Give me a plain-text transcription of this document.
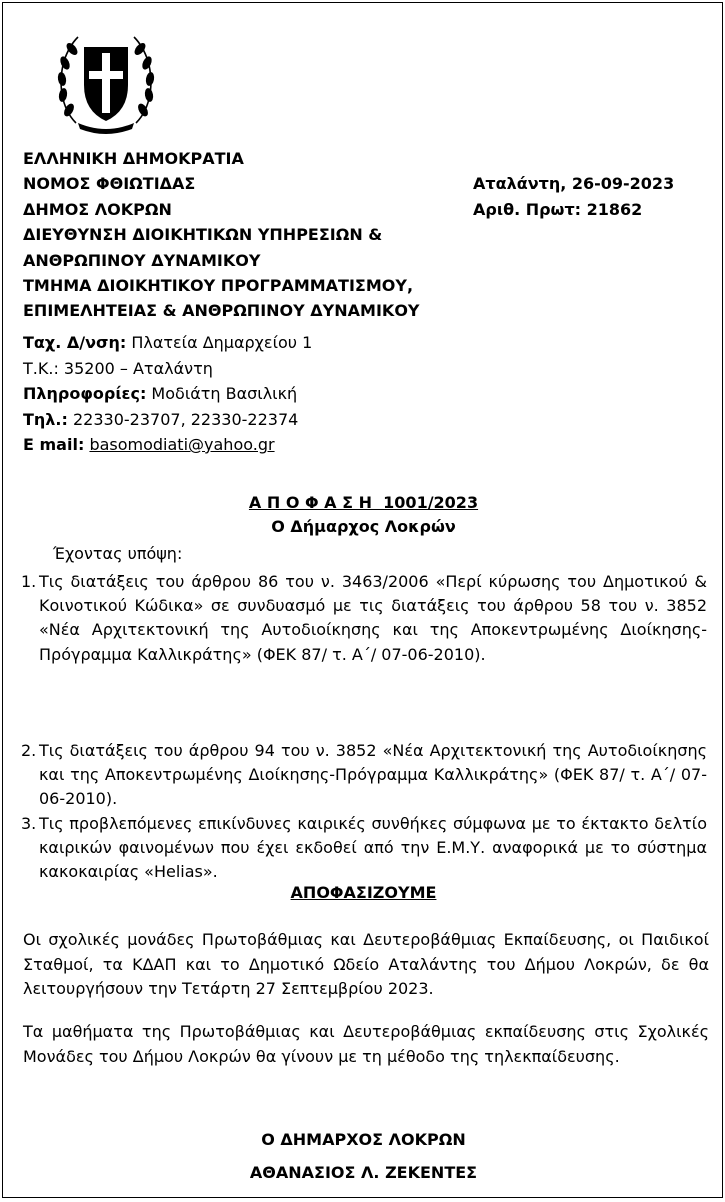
ΕΛΛΗΝΙΚΗ ΔΗΜΟΚΡΑΤΙΑ
ΝΟΜΟΣ ΦΘΙΩΤΙΔΑΣ
ΔΗΜΟΣ ΛΟΚΡΩΝ
ΔΙΕΥΘΥΝΣΗ ΔΙΟΙΚΗΤΙΚΩΝ ΥΠΗΡΕΣΙΩΝ &
ΑΝΘΡΩΠΙΝΟΥ ΔΥΝΑΜΙΚΟΥ
ΤΜΗΜΑ ΔΙΟΙΚΗΤΙΚΟΥ ΠΡΟΓΡΑΜΜΑΤΙΣΜΟΥ,
ΕΠΙΜΕΛΗΤΕΙΑΣ & ΑΝΘΡΩΠΙΝΟΥ ΔΥΝΑΜΙΚΟΥ
Αταλάντη, 26-09-2023
Αριθ. Πρωτ: 21862
Ταχ. Δ/νση: Πλατεία Δημαρχείου 1
Τ.Κ.: 35200 – Αταλάντη
Πληροφορίες: Μοδιάτη Βασιλική
Τηλ.: 22330-23707, 22330-22374
E mail: basomodiati@yahoo.gr
Α Π Ο Φ Α Σ Η  1001/2023
Ο Δήμαρχος Λοκρών
Έχοντας υπόψη:
1. Τις διατάξεις του άρθρου 86 του ν. 3463/2006 «Περί κύρωσης του Δημοτικού & Κοινοτικού Κώδικα» σε συνδυασμό με τις διατάξεις του άρθρου 58 του ν. 3852 «Νέα Αρχιτεκτονική της Αυτοδιοίκησης και της Αποκεντρωμένης Διοίκησης-Πρόγραμμα Καλλικράτης» (ΦΕΚ 87/ τ. Α΄/ 07-06-2010).
2. Τις διατάξεις του άρθρου 94 του ν. 3852 «Νέα Αρχιτεκτονική της Αυτοδιοίκησης και της Αποκεντρωμένης Διοίκησης-Πρόγραμμα Καλλικράτης» (ΦΕΚ 87/ τ. Α΄/ 07-06-2010).
3. Τις προβλεπόμενες επικίνδυνες καιρικές συνθήκες σύμφωνα με το έκτακτο δελτίο καιρικών φαινομένων που έχει εκδοθεί από την Ε.Μ.Υ. αναφορικά με το σύστημα κακοκαιρίας «Helias».
ΑΠΟΦΑΣΙΖΟΥΜΕ
Οι σχολικές μονάδες Πρωτοβάθμιας και Δευτεροβάθμιας Εκπαίδευσης, οι Παιδικοί Σταθμοί, τα ΚΔΑΠ και το Δημοτικό Ωδείο Αταλάντης του Δήμου Λοκρών, δε θα λειτουργήσουν την Τετάρτη 27 Σεπτεμβρίου 2023.
Τα μαθήματα της Πρωτοβάθμιας και Δευτεροβάθμιας εκπαίδευσης στις Σχολικές Μονάδες του Δήμου Λοκρών θα γίνουν με τη μέθοδο της τηλεκπαίδευσης.
Ο ΔΗΜΑΡΧΟΣ ΛΟΚΡΩΝ
ΑΘΑΝΑΣΙΟΣ Λ. ΖΕΚΕΝΤΕΣ
